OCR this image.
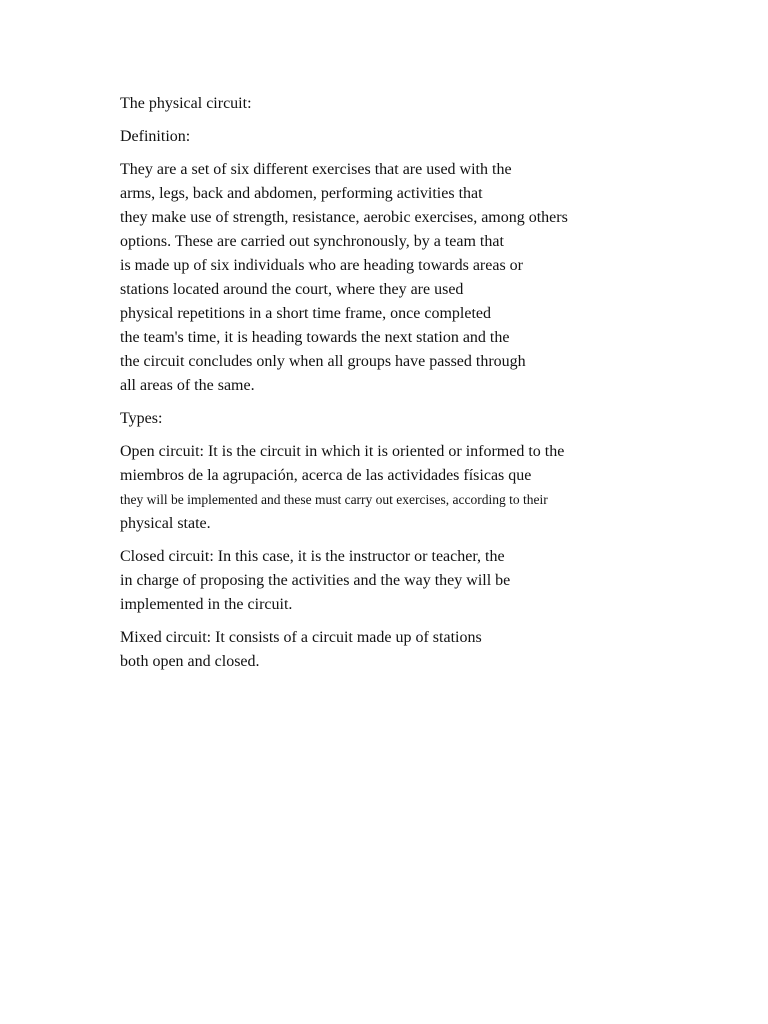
The physical circuit:
Definition:
They are a set of six different exercises that are used with the
arms, legs, back and abdomen, performing activities that
they make use of strength, resistance, aerobic exercises, among others
options. These are carried out synchronously, by a team that
is made up of six individuals who are heading towards areas or
stations located around the court, where they are used
physical repetitions in a short time frame, once completed
the team's time, it is heading towards the next station and the
the circuit concludes only when all groups have passed through
all areas of the same.
Types:
Open circuit: It is the circuit in which it is oriented or informed to the
miembros de la agrupación, acerca de las actividades físicas que
they will be implemented and these must carry out exercises, according to their
physical state.
Closed circuit: In this case, it is the instructor or teacher, the
in charge of proposing the activities and the way they will be
implemented in the circuit.
Mixed circuit: It consists of a circuit made up of stations
both open and closed.
